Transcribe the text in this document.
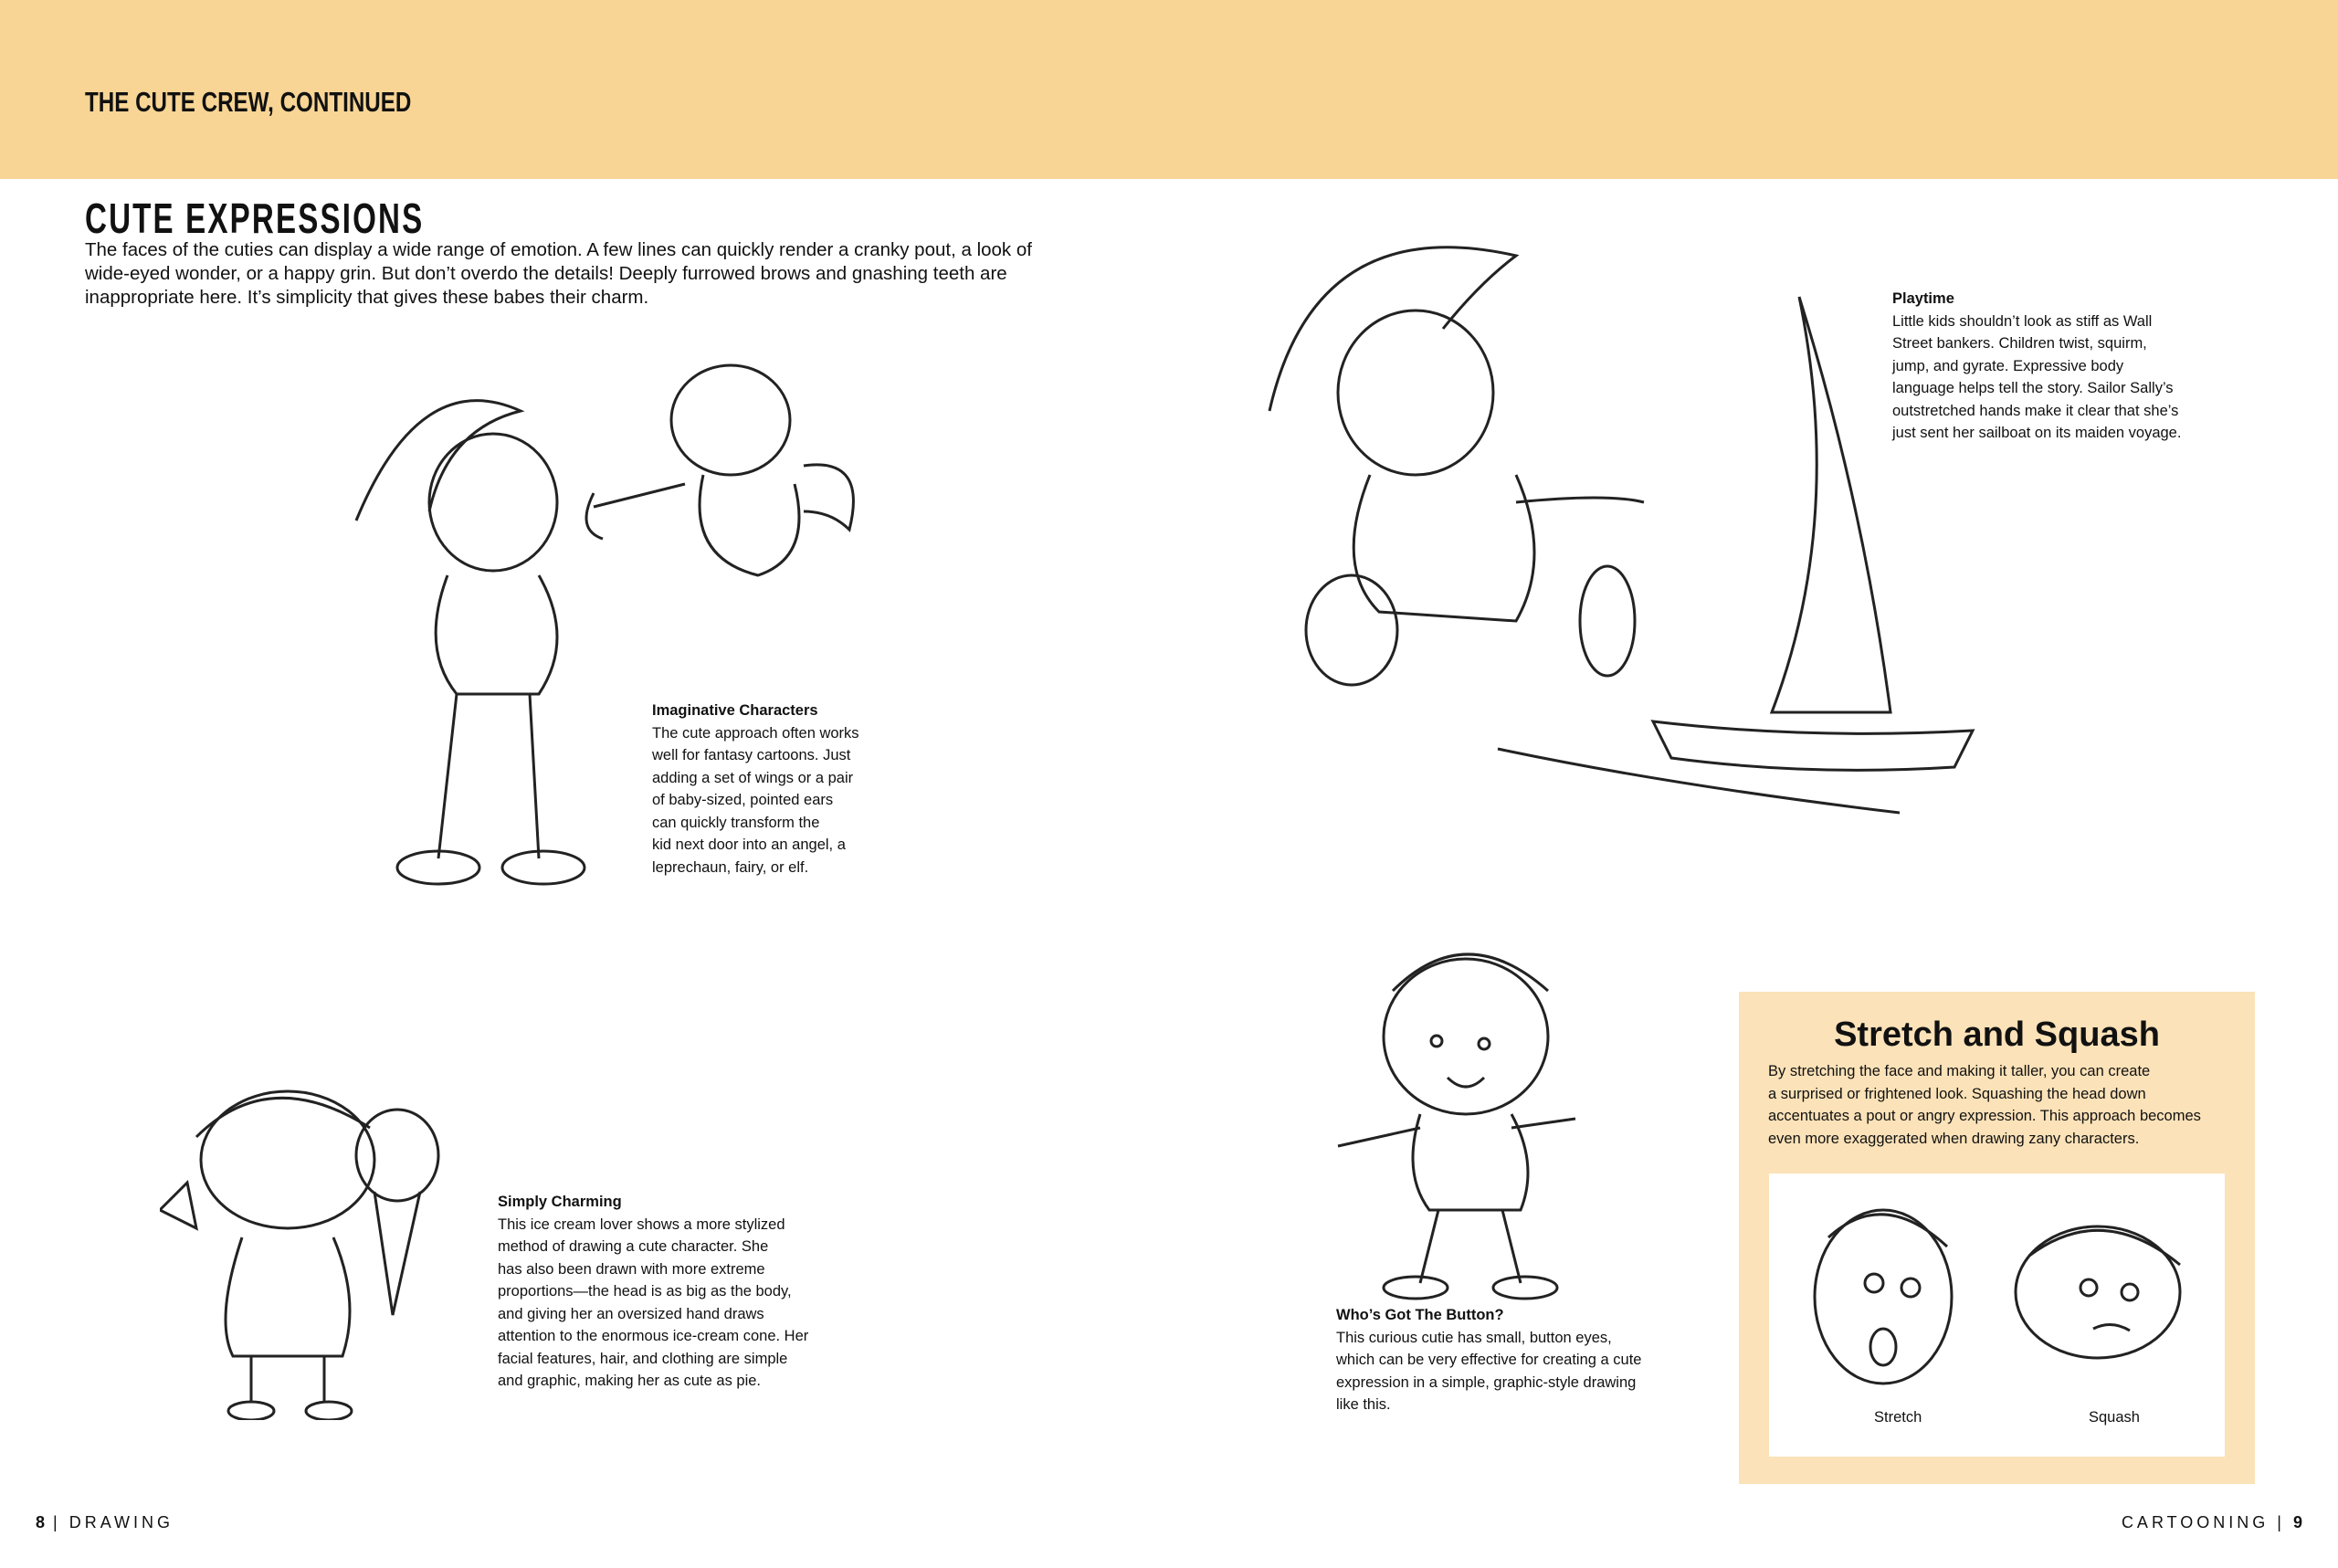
THE CUTE CREW, CONTINUED
CUTE EXPRESSIONS
The faces of the cuties can display a wide range of emotion. A few lines can quickly render a cranky pout, a look of wide-eyed wonder, or a happy grin. But don’t overdo the details! Deeply furrowed brows and gnashing teeth are inappropriate here. It’s simplicity that gives these babes their charm.
Imaginative Characters
The cute approach often works
well for fantasy cartoons. Just
adding a set of wings or a pair
of baby-sized, pointed ears
can quickly transform the
kid next door into an angel, a
leprechaun, fairy, or elf.
Simply Charming
This ice cream lover shows a more stylized
method of drawing a cute character. She
has also been drawn with more extreme
proportions—the head is as big as the body,
and giving her an oversized hand draws
attention to the enormous ice-cream cone. Her
facial features, hair, and clothing are simple
and graphic, making her as cute as pie.
Who’s Got The Button?
This curious cutie has small, button eyes,
which can be very effective for creating a cute
expression in a simple, graphic-style drawing
like this.
Playtime
Little kids shouldn’t look as stiff as Wall
Street bankers. Children twist, squirm,
jump, and gyrate. Expressive body
language helps tell the story. Sailor Sally’s
outstretched hands make it clear that she’s
just sent her sailboat on its maiden voyage.
Stretch and Squash
By stretching the face and making it taller, you can create
a surprised or frightened look. Squashing the head down
accentuates a pout or angry expression. This approach becomes
even more exaggerated when drawing zany characters.
Stretch	Squash
8 | DRAWING	CARTOONING | 9
